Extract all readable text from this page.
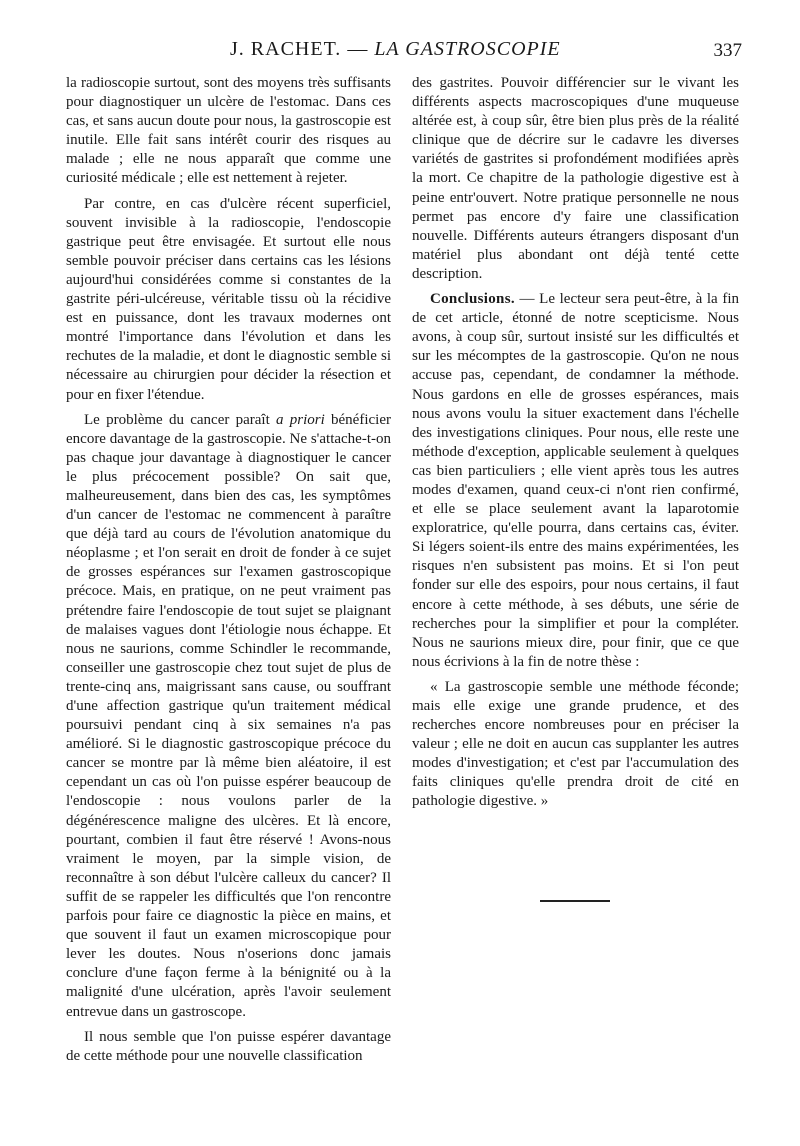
J. RACHET. — LA GASTROSCOPIE	337

la radioscopie surtout, sont des moyens très suffisants pour diagnostiquer un ulcère de l'estomac. Dans ces cas, et sans aucun doute pour nous, la gastroscopie est inutile. Elle fait sans intérêt courir des risques au malade ; elle ne nous apparaît que comme une curiosité médicale ; elle est nettement à rejeter.

Par contre, en cas d'ulcère récent superficiel, souvent invisible à la radioscopie, l'endoscopie gastrique peut être envisagée. Et surtout elle nous semble pouvoir préciser dans certains cas les lésions aujourd'hui considérées comme si constantes de la gastrite péri-ulcéreuse, véritable tissu où la récidive est en puissance, dont les travaux modernes ont montré l'importance dans l'évolution et dans les rechutes de la maladie, et dont le diagnostic semble si nécessaire au chirurgien pour décider la résection et pour en fixer l'étendue.

Le problème du cancer paraît a priori bénéficier encore davantage de la gastroscopie. Ne s'attache-t-on pas chaque jour davantage à diagnostiquer le cancer le plus précocement possible? On sait que, malheureusement, dans bien des cas, les symptômes d'un cancer de l'estomac ne commencent à paraître que déjà tard au cours de l'évolution anatomique du néoplasme ; et l'on serait en droit de fonder à ce sujet de grosses espérances sur l'examen gastroscopique précoce. Mais, en pratique, on ne peut vraiment pas prétendre faire l'endoscopie de tout sujet se plaignant de malaises vagues dont l'étiologie nous échappe. Et nous ne saurions, comme Schindler le recommande, conseiller une gastroscopie chez tout sujet de plus de trente-cinq ans, maigrissant sans cause, ou souffrant d'une affection gastrique qu'un traitement médical poursuivi pendant cinq à six semaines n'a pas amélioré. Si le diagnostic gastroscopique précoce du cancer se montre par là même bien aléatoire, il est cependant un cas où l'on puisse espérer beaucoup de l'endoscopie : nous voulons parler de la dégénérescence maligne des ulcères. Et là encore, pourtant, combien il faut être réservé ! Avons-nous vraiment le moyen, par la simple vision, de reconnaître à son début l'ulcère calleux du cancer? Il suffit de se rappeler les difficultés que l'on rencontre parfois pour faire ce diagnostic la pièce en mains, et que souvent il faut un examen microscopique pour lever les doutes. Nous n'oserions donc jamais conclure d'une façon ferme à la bénignité ou à la malignité d'une ulcération, après l'avoir seulement entrevue dans un gastroscope.

Il nous semble que l'on puisse espérer davantage de cette méthode pour une nouvelle classification

des gastrites. Pouvoir différencier sur le vivant les différents aspects macroscopiques d'une muqueuse altérée est, à coup sûr, être bien plus près de la réalité clinique que de décrire sur le cadavre les diverses variétés de gastrites si profondément modifiées après la mort. Ce chapitre de la pathologie digestive est à peine entr'ouvert. Notre pratique personnelle ne nous permet pas encore d'y faire une classification nouvelle. Différents auteurs étrangers disposant d'un matériel plus abondant ont déjà tenté cette description.

Conclusions. — Le lecteur sera peut-être, à la fin de cet article, étonné de notre scepticisme. Nous avons, à coup sûr, surtout insisté sur les difficultés et sur les mécomptes de la gastroscopie. Qu'on ne nous accuse pas, cependant, de condamner la méthode. Nous gardons en elle de grosses espérances, mais nous avons voulu la situer exactement dans l'échelle des investigations cliniques. Pour nous, elle reste une méthode d'exception, applicable seulement à quelques cas bien particuliers ; elle vient après tous les autres modes d'examen, quand ceux-ci n'ont rien confirmé, et elle se place seulement avant la laparotomie exploratrice, qu'elle pourra, dans certains cas, éviter. Si légers soient-ils entre des mains expérimentées, les risques n'en subsistent pas moins. Et si l'on peut fonder sur elle des espoirs, pour nous certains, il faut encore à cette méthode, à ses débuts, une série de recherches pour la simplifier et pour la compléter. Nous ne saurions mieux dire, pour finir, que ce que nous écrivions à la fin de notre thèse :

« La gastroscopie semble une méthode féconde; mais elle exige une grande prudence, et des recherches encore nombreuses pour en préciser la valeur ; elle ne doit en aucun cas supplanter les autres modes d'investigation; et c'est par l'accumulation des faits cliniques qu'elle prendra droit de cité en pathologie digestive. »
